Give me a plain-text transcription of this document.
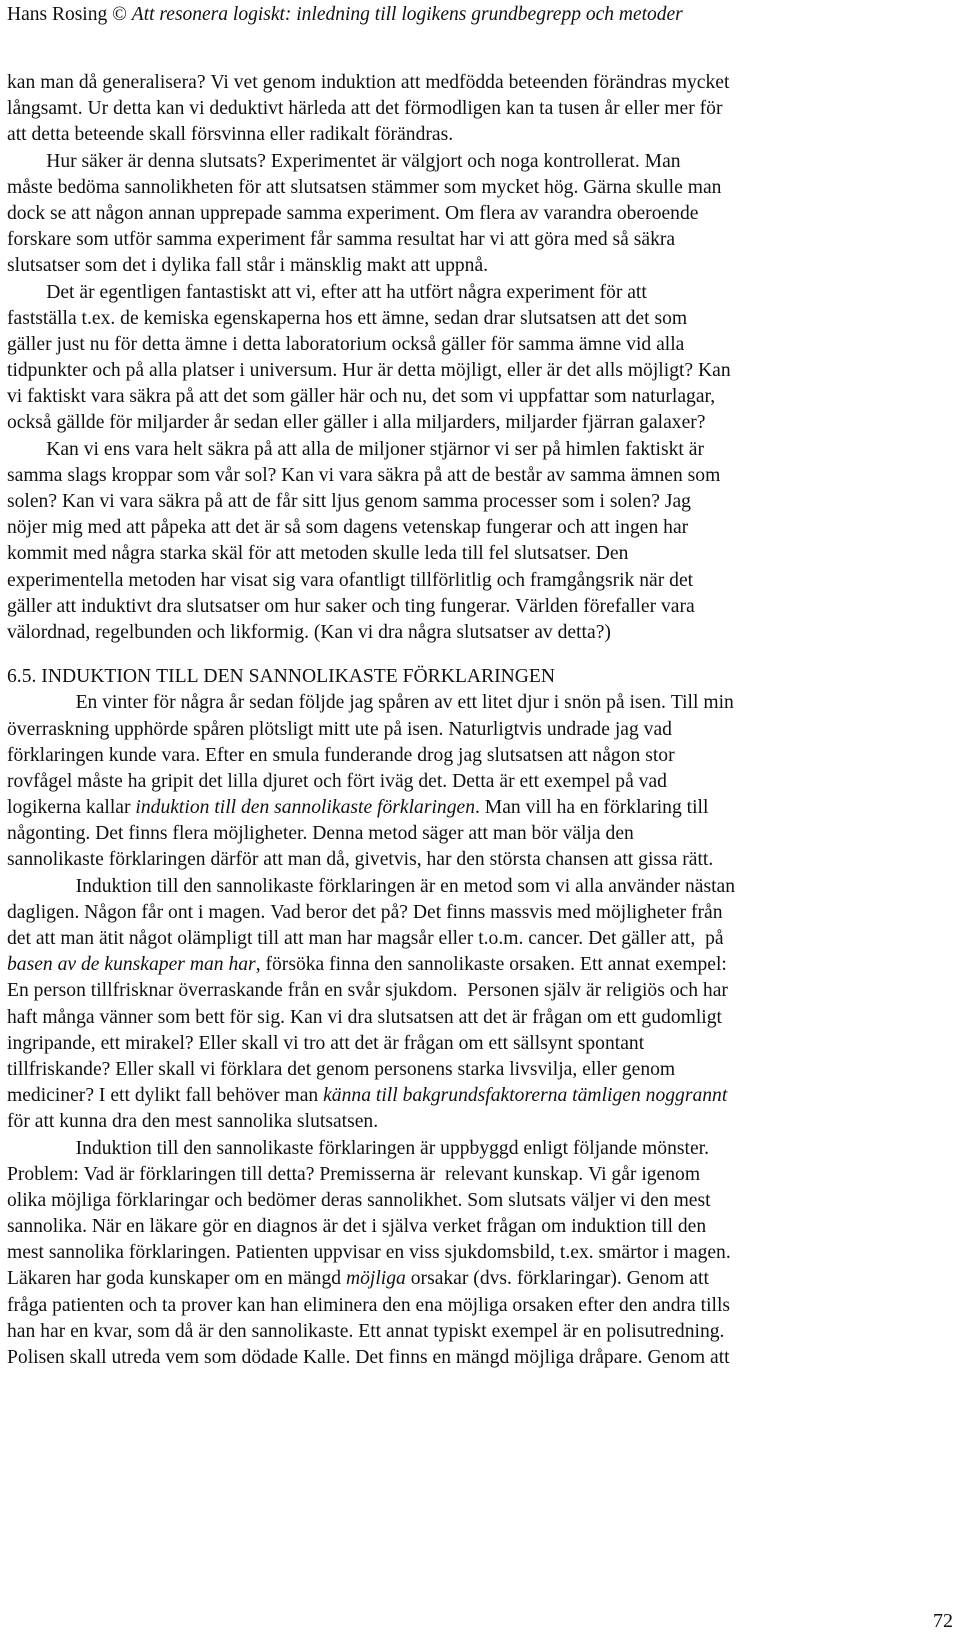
Hans Rosing © Att resonera logiskt: inledning till logikens grundbegrepp och metoder
kan man då generalisera? Vi vet genom induktion att medfödda beteenden förändras mycket
långsamt. Ur detta kan vi deduktivt härleda att det förmodligen kan ta tusen år eller mer för
att detta beteende skall försvinna eller radikalt förändras.
Hur säker är denna slutsats? Experimentet är välgjort och noga kontrollerat. Man
måste bedöma sannolikheten för att slutsatsen stämmer som mycket hög. Gärna skulle man
dock se att någon annan upprepade samma experiment. Om flera av varandra oberoende
forskare som utför samma experiment får samma resultat har vi att göra med så säkra
slutsatser som det i dylika fall står i mänsklig makt att uppnå.
Det är egentligen fantastiskt att vi, efter att ha utfört några experiment för att
fastställa t.ex. de kemiska egenskaperna hos ett ämne, sedan drar slutsatsen att det som
gäller just nu för detta ämne i detta laboratorium också gäller för samma ämne vid alla
tidpunkter och på alla platser i universum. Hur är detta möjligt, eller är det alls möjligt? Kan
vi faktiskt vara säkra på att det som gäller här och nu, det som vi uppfattar som naturlagar,
också gällde för miljarder år sedan eller gäller i alla miljarders, miljarder fjärran galaxer?
Kan vi ens vara helt säkra på att alla de miljoner stjärnor vi ser på himlen faktiskt är
samma slags kroppar som vår sol? Kan vi vara säkra på att de består av samma ämnen som
solen? Kan vi vara säkra på att de får sitt ljus genom samma processer som i solen? Jag
nöjer mig med att påpeka att det är så som dagens vetenskap fungerar och att ingen har
kommit med några starka skäl för att metoden skulle leda till fel slutsatser. Den
experimentella metoden har visat sig vara ofantligt tillförlitlig och framgångsrik när det
gäller att induktivt dra slutsatser om hur saker och ting fungerar. Världen förefaller vara
välordnad, regelbunden och likformig. (Kan vi dra några slutsatser av detta?)
6.5. INDUKTION TILL DEN SANNOLIKASTE FÖRKLARINGEN
En vinter för några år sedan följde jag spåren av ett litet djur i snön på isen. Till min
överraskning upphörde spåren plötsligt mitt ute på isen. Naturligtvis undrade jag vad
förklaringen kunde vara. Efter en smula funderande drog jag slutsatsen att någon stor
rovfågel måste ha gripit det lilla djuret och fört iväg det. Detta är ett exempel på vad
logikerna kallar induktion till den sannolikaste förklaringen. Man vill ha en förklaring till
någonting. Det finns flera möjligheter. Denna metod säger att man bör välja den
sannolikaste förklaringen därför att man då, givetvis, har den största chansen att gissa rätt.
Induktion till den sannolikaste förklaringen är en metod som vi alla använder nästan
dagligen. Någon får ont i magen. Vad beror det på? Det finns massvis med möjligheter från
det att man ätit något olämpligt till att man har magsår eller t.o.m. cancer. Det gäller att,  på
basen av de kunskaper man har, försöka finna den sannolikaste orsaken. Ett annat exempel:
En person tillfrisknar överraskande från en svår sjukdom.  Personen själv är religiös och har
haft många vänner som bett för sig. Kan vi dra slutsatsen att det är frågan om ett gudomligt
ingripande, ett mirakel? Eller skall vi tro att det är frågan om ett sällsynt spontant
tillfriskande? Eller skall vi förklara det genom personens starka livsvilja, eller genom
mediciner? I ett dylikt fall behöver man känna till bakgrundsfaktorerna tämligen noggrannt
för att kunna dra den mest sannolika slutsatsen.
Induktion till den sannolikaste förklaringen är uppbyggd enligt följande mönster.
Problem: Vad är förklaringen till detta? Premisserna är  relevant kunskap. Vi går igenom
olika möjliga förklaringar och bedömer deras sannolikhet. Som slutsats väljer vi den mest
sannolika. När en läkare gör en diagnos är det i själva verket frågan om induktion till den
mest sannolika förklaringen. Patienten uppvisar en viss sjukdomsbild, t.ex. smärtor i magen.
Läkaren har goda kunskaper om en mängd möjliga orsakar (dvs. förklaringar). Genom att
fråga patienten och ta prover kan han eliminera den ena möjliga orsaken efter den andra tills
han har en kvar, som då är den sannolikaste. Ett annat typiskt exempel är en polisutredning.
Polisen skall utreda vem som dödade Kalle. Det finns en mängd möjliga dråpare. Genom att
72
